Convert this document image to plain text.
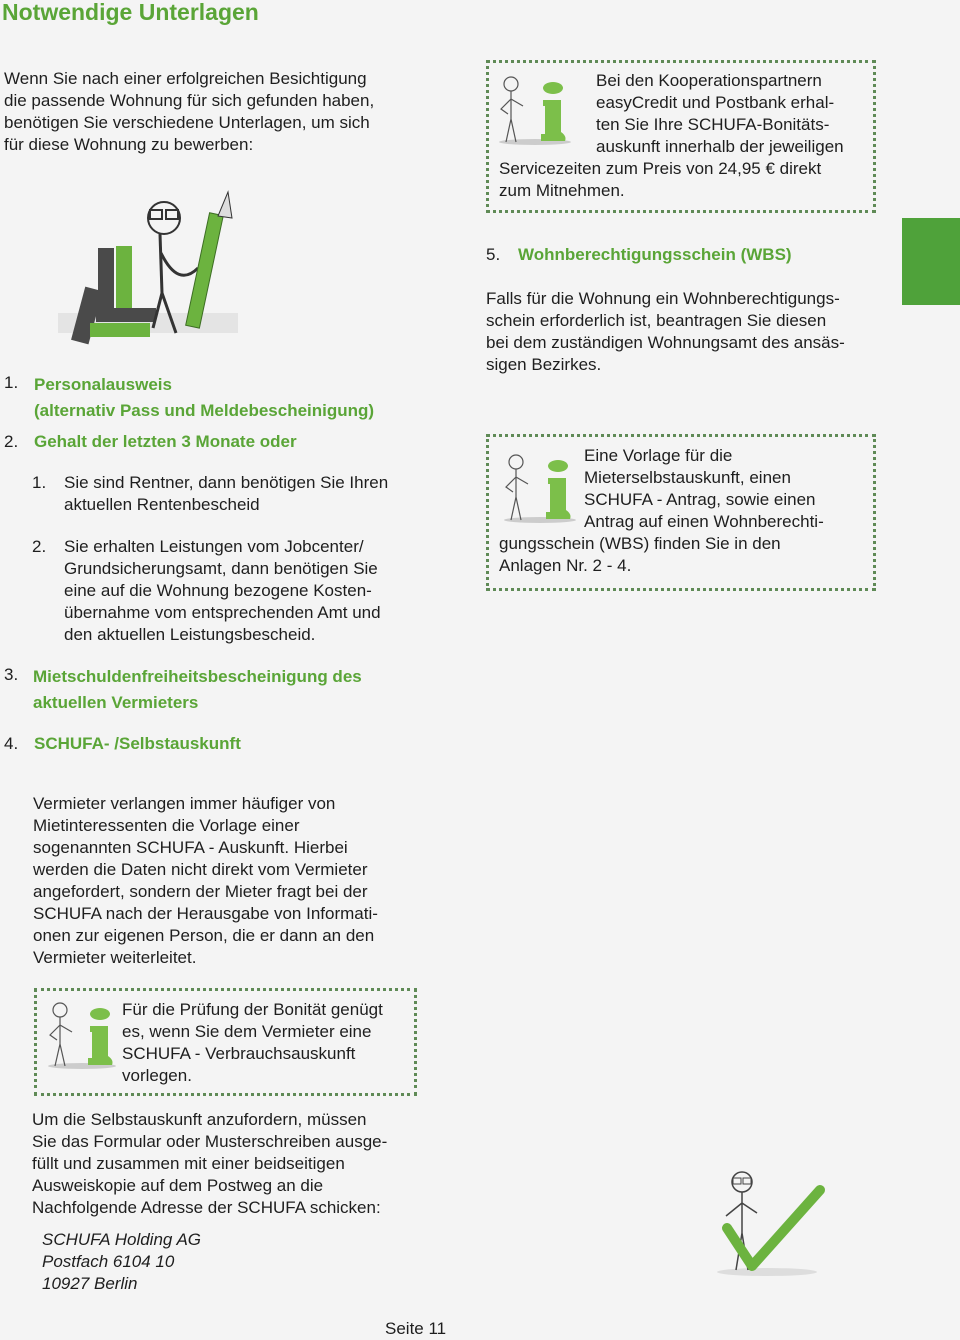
Notwendige Unterlagen
Wenn Sie nach einer erfolgreichen Besichtigung
die passende Wohnung für sich gefunden haben,
benötigen Sie verschiedene Unterlagen, um sich
für diese Wohnung zu bewerben:
Bei den Kooperationspartnern
easyCredit und Postbank erhal-
ten Sie Ihre SCHUFA-Bonitäts-
auskunft innerhalb der jeweiligen
Servicezeiten zum Preis von 24,95 € direkt
zum Mitnehmen.
5. Wohnberechtigungsschein (WBS)
Falls für die Wohnung ein Wohnberechtigungs-
schein erforderlich ist, beantragen Sie diesen
bei dem zuständigen Wohnungsamt des ansäs-
sigen Bezirkes.
Eine Vorlage für die
Mieterselbstauskunft, einen
SCHUFA - Antrag, sowie einen
Antrag auf einen Wohnberechti-
gungsschein (WBS) finden Sie in den
Anlagen Nr. 2 - 4.
1. Personalausweis
(alternativ Pass und Meldebescheinigung)
2. Gehalt der letzten 3 Monate oder
1. Sie sind Rentner, dann benötigen Sie Ihren
aktuellen Rentenbescheid
2. Sie erhalten Leistungen vom Jobcenter/
Grundsicherungsamt, dann benötigen Sie
eine auf die Wohnung bezogene Kosten-
übernahme vom entsprechenden Amt und
den aktuellen Leistungsbescheid.
3. Mietschuldenfreiheitsbescheinigung des
aktuellen Vermieters
4. SCHUFA- /Selbstauskunft
Vermieter verlangen immer häufiger von
Mietinteressenten die Vorlage einer
sogenannten SCHUFA - Auskunft. Hierbei
werden die Daten nicht direkt vom Vermieter
angefordert, sondern der Mieter fragt bei der
SCHUFA nach der Herausgabe von Informati-
onen zur eigenen Person, die er dann an den
Vermieter weiterleitet.
Für die Prüfung der Bonität genügt
es, wenn Sie dem Vermieter eine
SCHUFA - Verbrauchsauskunft
vorlegen.
Um die Selbstauskunft anzufordern, müssen
Sie das Formular oder Musterschreiben ausge-
füllt und zusammen mit einer beidseitigen
Ausweiskopie auf dem Postweg an die
Nachfolgende Adresse der SCHUFA schicken:
SCHUFA Holding AG
Postfach 6104 10
10927 Berlin
Seite 11
